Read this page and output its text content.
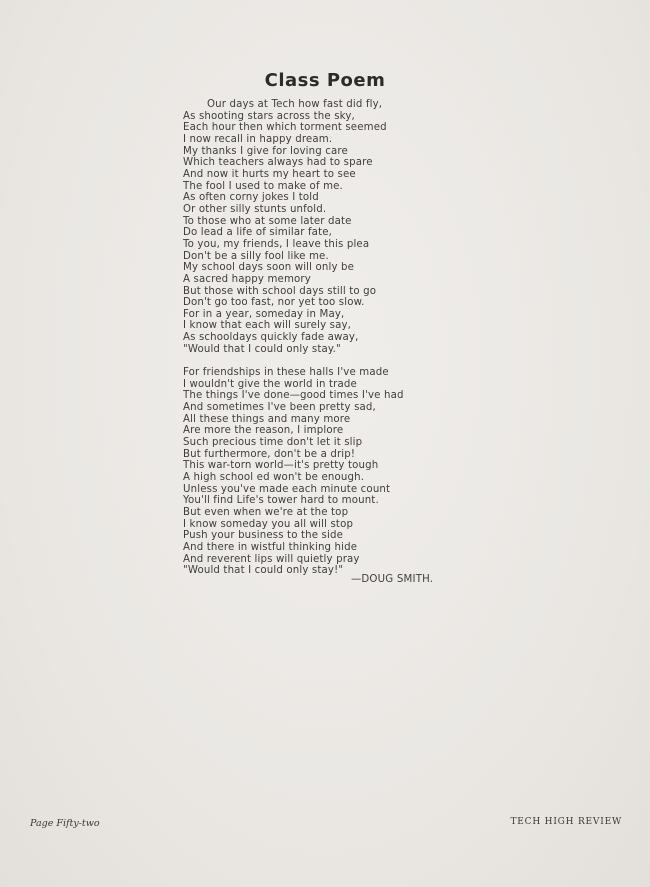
Class Poem
Our days at Tech how fast did fly,
As shooting stars across the sky,
Each hour then which torment seemed
I now recall in happy dream.
My thanks I give for loving care
Which teachers always had to spare
And now it hurts my heart to see
The fool I used to make of me.
As often corny jokes I told
Or other silly stunts unfold.
To those who at some later date
Do lead a life of similar fate,
To you, my friends, I leave this plea
Don't be a silly fool like me.
My school days soon will only be
A sacred happy memory
But those with school days still to go
Don't go too fast, nor yet too slow.
For in a year, someday in May,
I know that each will surely say,
As schooldays quickly fade away,
"Would that I could only stay."
For friendships in these halls I've made
I wouldn't give the world in trade
The things I've done—good times I've had
And sometimes I've been pretty sad,
All these things and many more
Are more the reason, I implore
Such precious time don't let it slip
But furthermore, don't be a drip!
This war-torn world—it's pretty tough
A high school ed won't be enough.
Unless you've made each minute count
You'll find Life's tower hard to mount.
But even when we're at the top
I know someday you all will stop
Push your business to the side
And there in wistful thinking hide
And reverent lips will quietly pray
"Would that I could only stay!"
—DOUG SMITH.
Page Fifty-two	TECH HIGH REVIEW
